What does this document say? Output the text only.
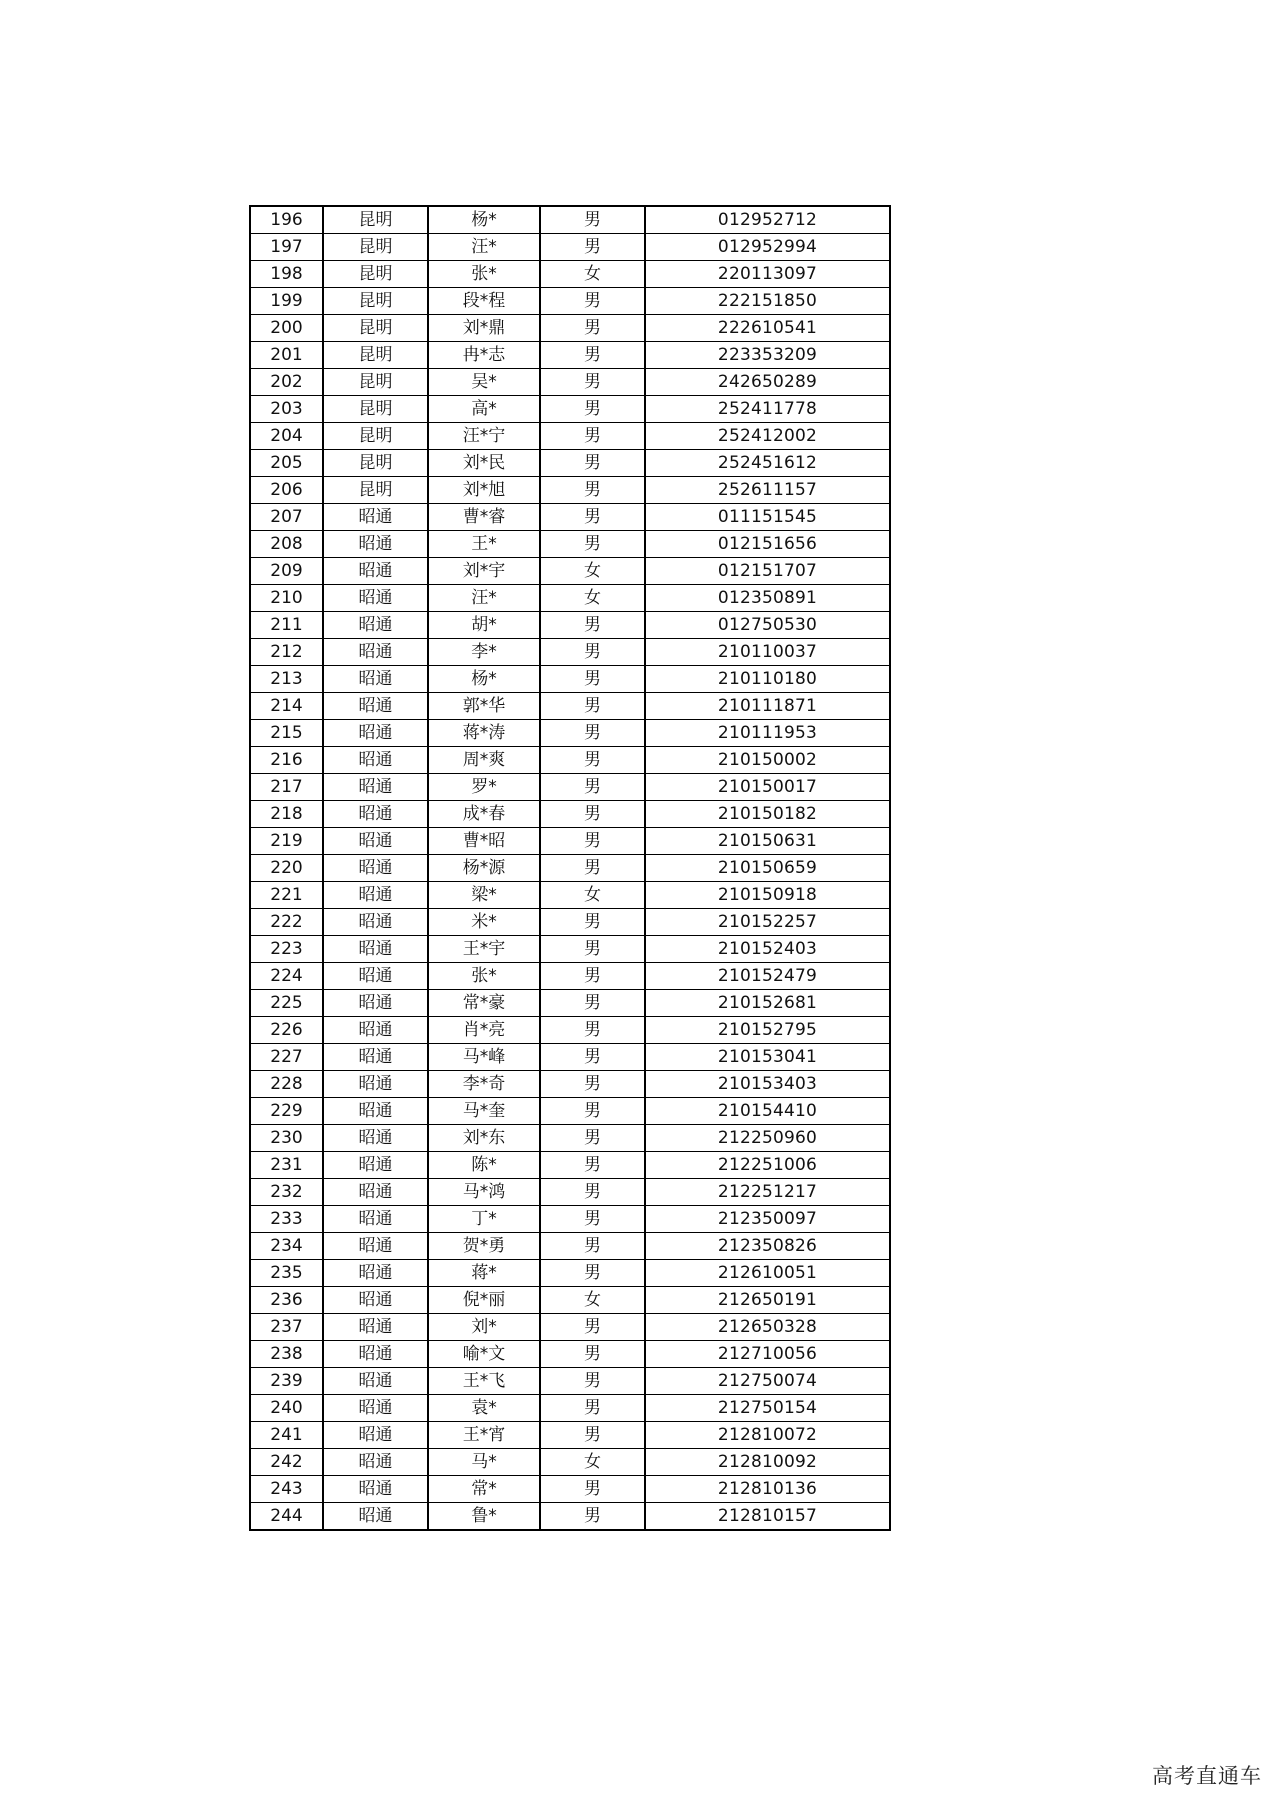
196	昆明	杨*	男	012952712
197	昆明	汪*	男	012952994
198	昆明	张*	女	220113097
199	昆明	段*程	男	222151850
200	昆明	刘*鼎	男	222610541
201	昆明	冉*志	男	223353209
202	昆明	吴*	男	242650289
203	昆明	高*	男	252411778
204	昆明	汪*宁	男	252412002
205	昆明	刘*民	男	252451612
206	昆明	刘*旭	男	252611157
207	昭通	曹*睿	男	011151545
208	昭通	王*	男	012151656
209	昭通	刘*宇	女	012151707
210	昭通	汪*	女	012350891
211	昭通	胡*	男	012750530
212	昭通	李*	男	210110037
213	昭通	杨*	男	210110180
214	昭通	郭*华	男	210111871
215	昭通	蒋*涛	男	210111953
216	昭通	周*爽	男	210150002
217	昭通	罗*	男	210150017
218	昭通	成*春	男	210150182
219	昭通	曹*昭	男	210150631
220	昭通	杨*源	男	210150659
221	昭通	梁*	女	210150918
222	昭通	米*	男	210152257
223	昭通	王*宇	男	210152403
224	昭通	张*	男	210152479
225	昭通	常*豪	男	210152681
226	昭通	肖*亮	男	210152795
227	昭通	马*峰	男	210153041
228	昭通	李*奇	男	210153403
229	昭通	马*奎	男	210154410
230	昭通	刘*东	男	212250960
231	昭通	陈*	男	212251006
232	昭通	马*鸿	男	212251217
233	昭通	丁*	男	212350097
234	昭通	贺*勇	男	212350826
235	昭通	蒋*	男	212610051
236	昭通	倪*丽	女	212650191
237	昭通	刘*	男	212650328
238	昭通	喻*文	男	212710056
239	昭通	王*飞	男	212750074
240	昭通	袁*	男	212750154
241	昭通	王*宵	男	212810072
242	昭通	马*	女	212810092
243	昭通	常*	男	212810136
244	昭通	鲁*	男	212810157
高考直通车
